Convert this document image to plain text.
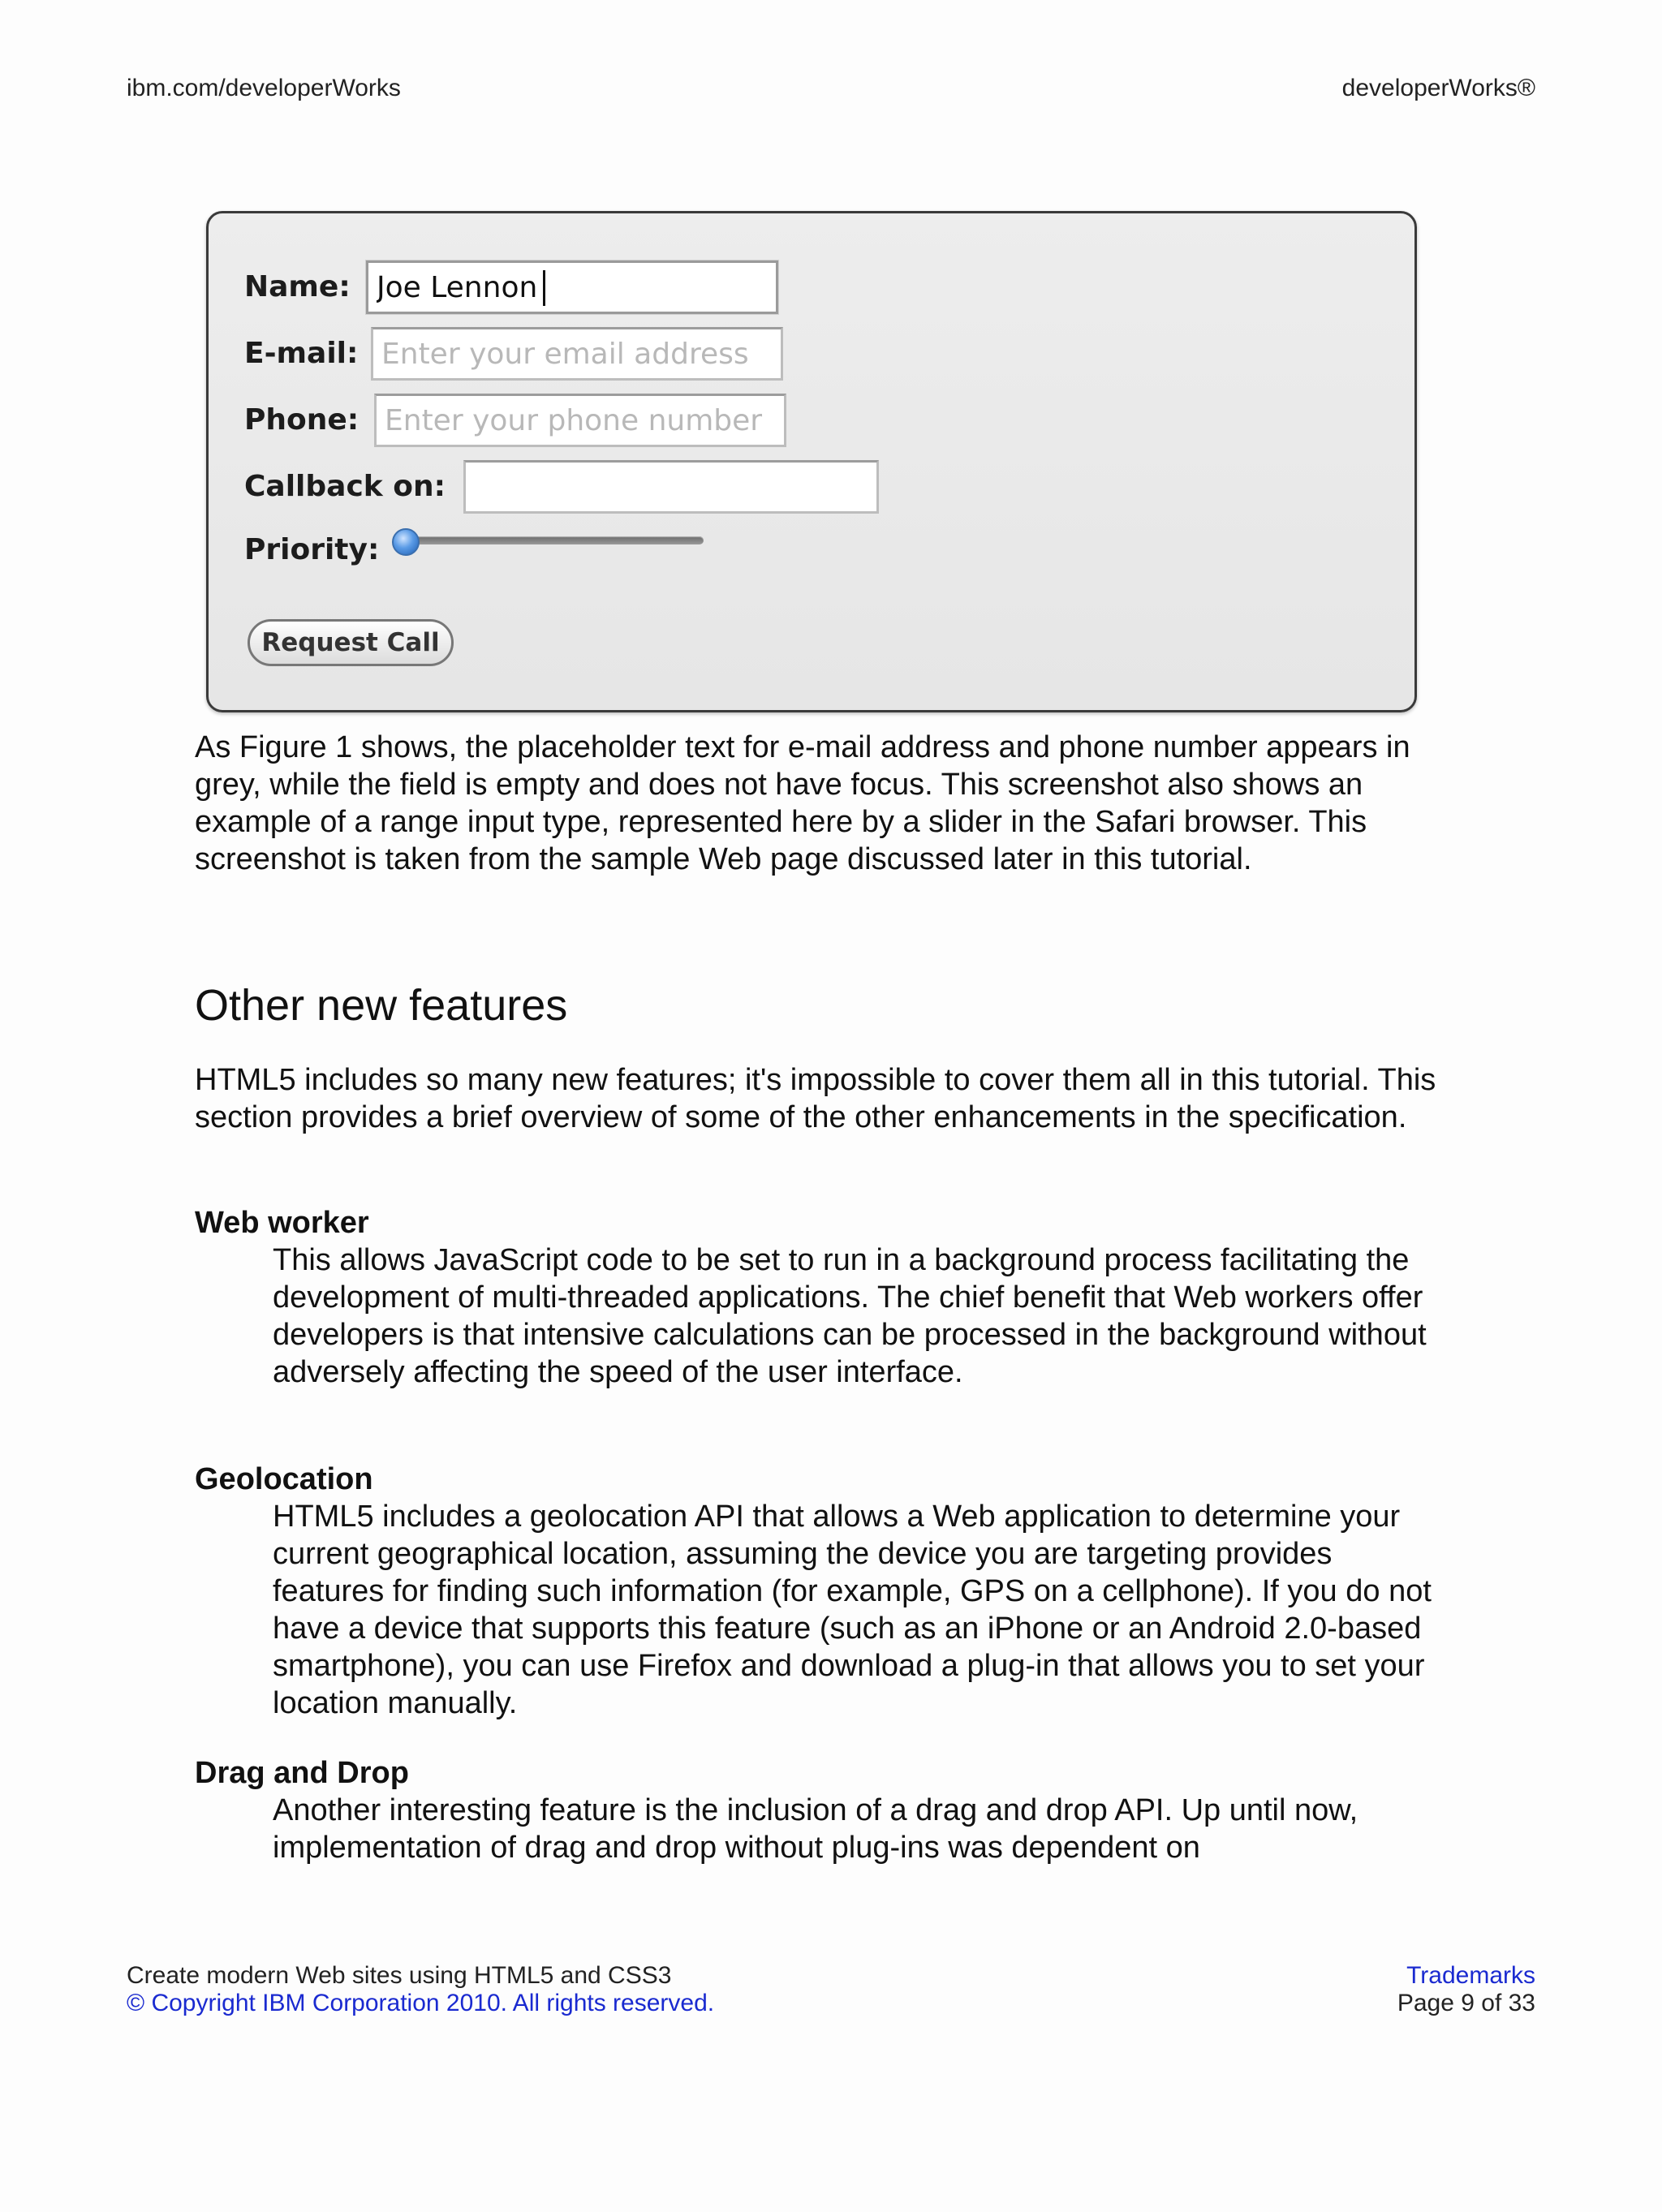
ibm.com/developerWorks	developerWorks®
Name:
Joe Lennon
E-mail:
Enter your email address
Phone:
Enter your phone number
Callback on:
Priority:
Request Call

As Figure 1 shows, the placeholder text for e-mail address and phone number appears in grey, while the field is empty and does not have focus. This screenshot also shows an example of a range input type, represented here by a slider in the Safari browser. This screenshot is taken from the sample Web page discussed later in this tutorial.

Other new features

HTML5 includes so many new features; it's impossible to cover them all in this tutorial. This section provides a brief overview of some of the other enhancements in the specification.

Web worker

This allows JavaScript code to be set to run in a background process facilitating the development of multi-threaded applications. The chief benefit that Web workers offer developers is that intensive calculations can be processed in the background without adversely affecting the speed of the user interface.

Geolocation

HTML5 includes a geolocation API that allows a Web application to determine your current geographical location, assuming the device you are targeting provides features for finding such information (for example, GPS on a cellphone). If you do not have a device that supports this feature (such as an iPhone or an Android 2.0-based smartphone), you can use Firefox and download a plug-in that allows you to set your location manually.

Drag and Drop

Another interesting feature is the inclusion of a drag and drop API. Up until now, implementation of drag and drop without plug-ins was dependent on

Create modern Web sites using HTML5 and CSS3
© Copyright IBM Corporation 2010. All rights reserved.
Trademarks
Page 9 of 33
